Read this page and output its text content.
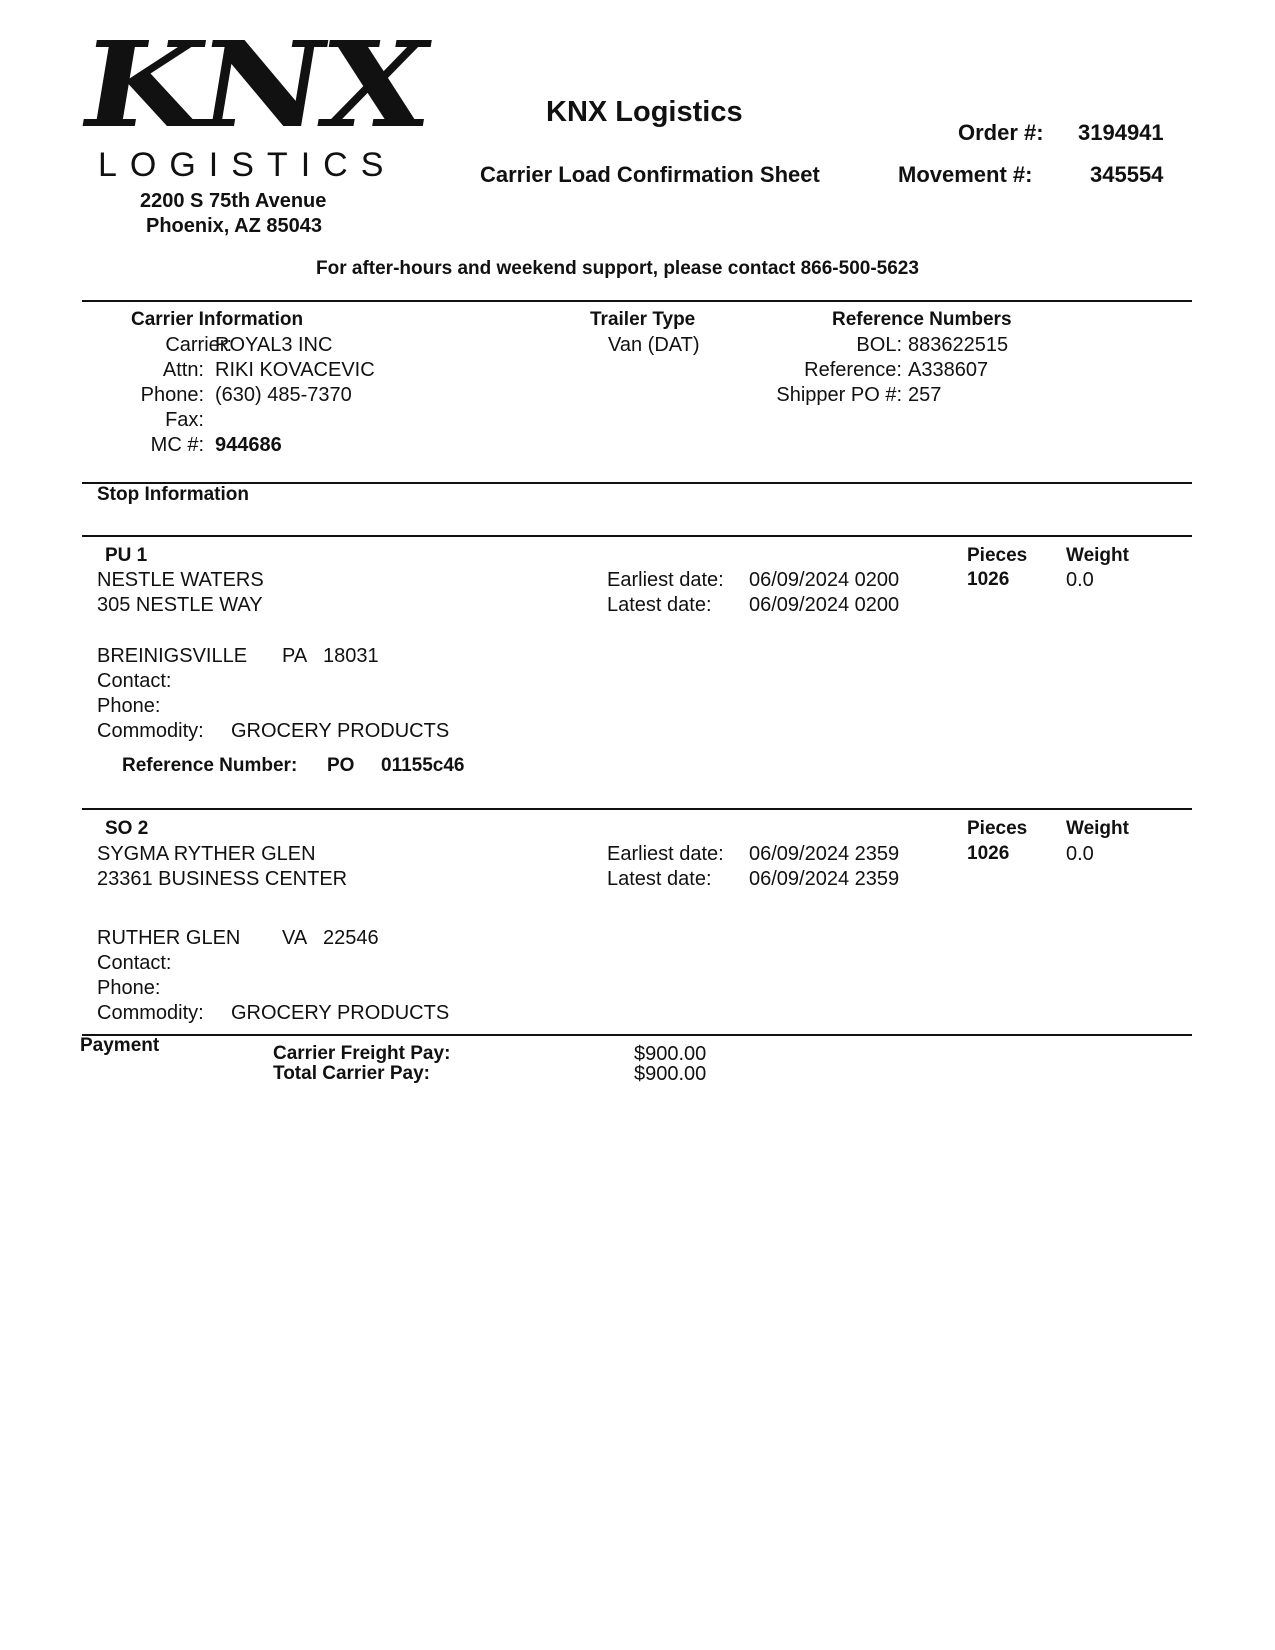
KNX
LOGISTICS
2200 S 75th Avenue
Phoenix, AZ 85043
KNX Logistics
Carrier Load Confirmation Sheet
Order #: 3194941
Movement #:	345554
For after-hours and weekend support, please contact 866-500-5623
Carrier Information
Carrier:
ROYAL3 INC
Attn: RIKI KOVACEVIC
Phone: (630) 485-7370
Fax:
MC #: 944686
Trailer Type
Van (DAT)
Reference Numbers
BOL: 883622515
Reference: A338607
Shipper PO #: 257
Stop Information
PU 1
NESTLE WATERS
305 NESTLE WAY
BREINIGSVILLE PA 18031
Contact:
Phone:
Commodity: GROCERY PRODUCTS
Reference Number: PO 01155c46
Earliest date: 06/09/2024 0200
Latest date: 06/09/2024 0200
Pieces
1026
Weight
0.0
SO 2
SYGMA RYTHER GLEN
23361 BUSINESS CENTER
RUTHER GLEN VA 22546
Contact:
Phone:
Commodity: GROCERY PRODUCTS
Earliest date: 06/09/2024 2359
Latest date: 06/09/2024 2359
Pieces
1026
Weight
0.0
Payment	Carrier Freight Pay:	$900.00
Total Carrier Pay:	$900.00
